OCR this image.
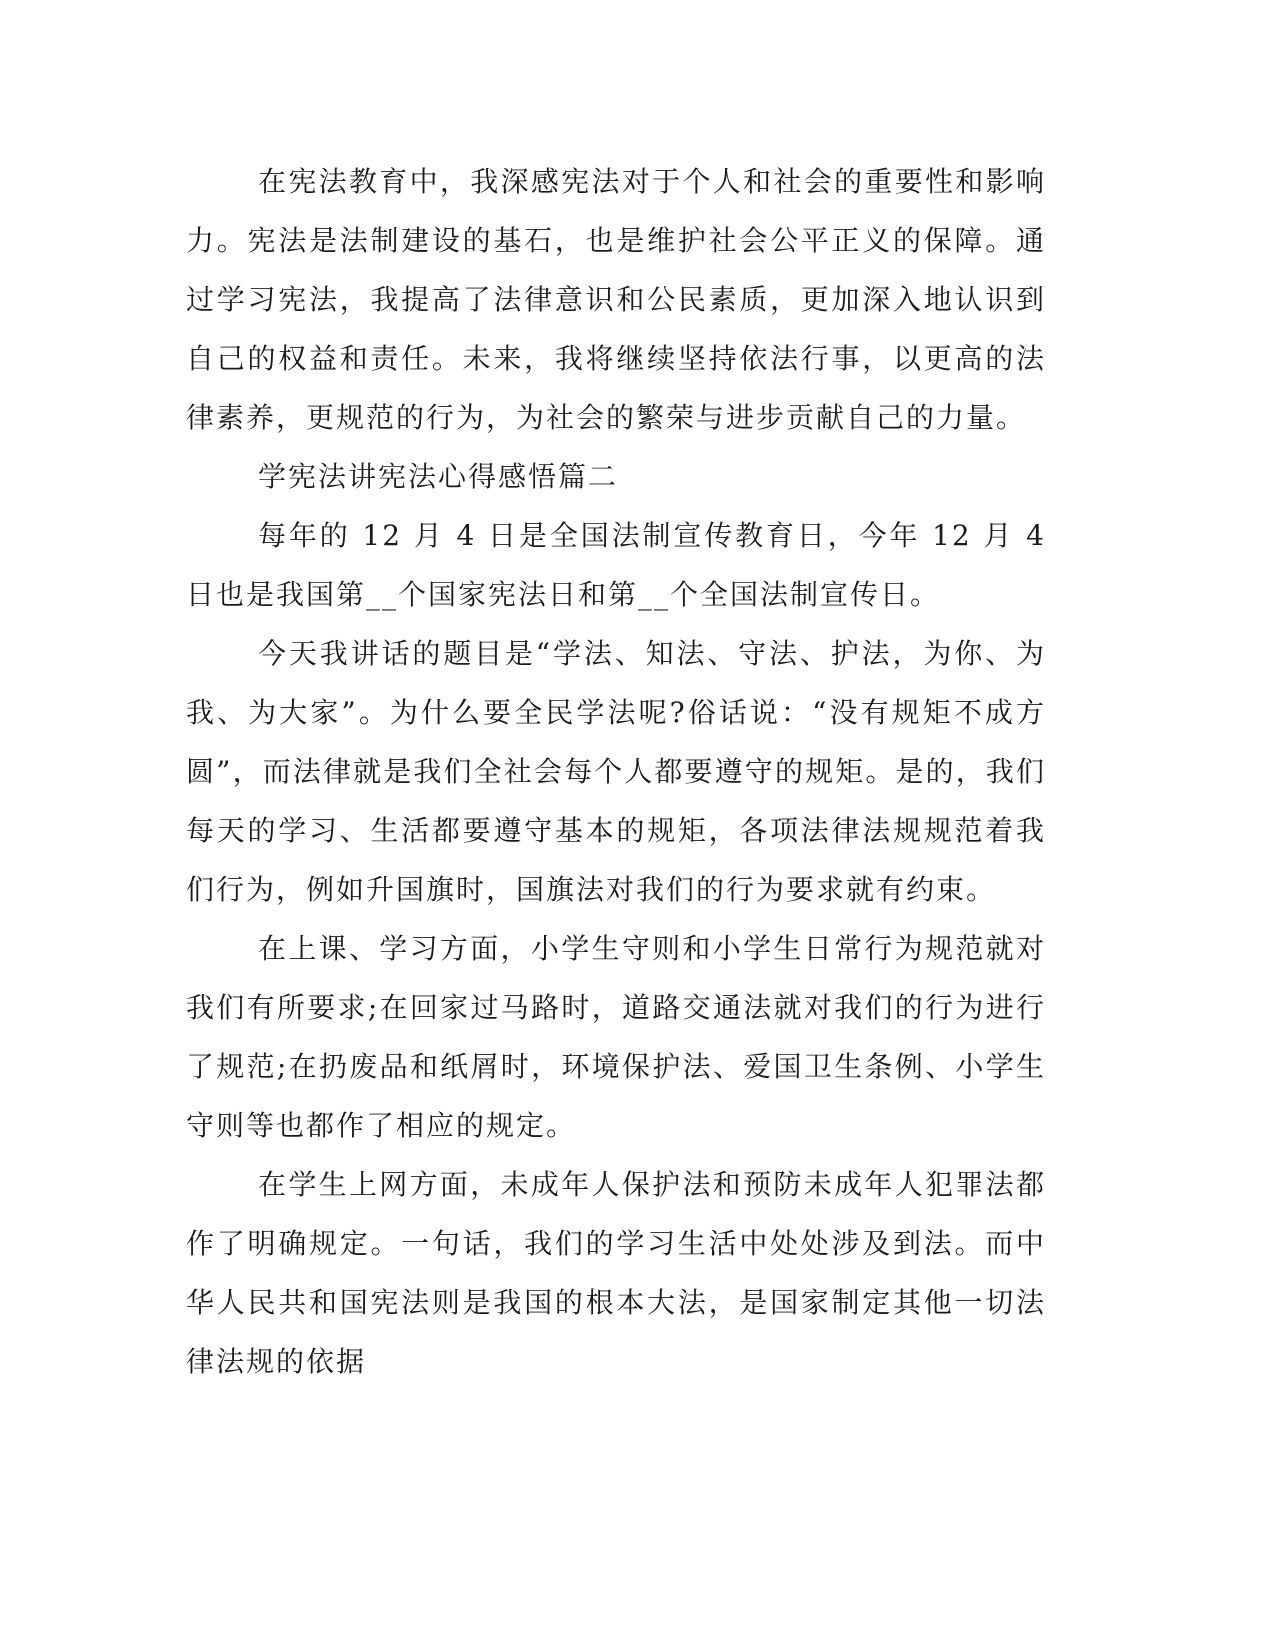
在宪法教育中，我深感宪法对于个人和社会的重要性和影响力。宪法是法制建设的基石，也是维护社会公平正义的保障。通过学习宪法，我提高了法律意识和公民素质，更加深入地认识到自己的权益和责任。未来，我将继续坚持依法行事，以更高的法律素养，更规范的行为，为社会的繁荣与进步贡献自己的力量。

学宪法讲宪法心得感悟篇二

每年的 12 月 4 日是全国法制宣传教育日，今年 12 月 4 日也是我国第__个国家宪法日和第__个全国法制宣传日。

今天我讲话的题目是“学法、知法、守法、护法，为你、为我、为大家”。为什么要全民学法呢?俗话说：“没有规矩不成方圆”，而法律就是我们全社会每个人都要遵守的规矩。是的，我们每天的学习、生活都要遵守基本的规矩，各项法律法规规范着我们行为，例如升国旗时，国旗法对我们的行为要求就有约束。

在上课、学习方面，小学生守则和小学生日常行为规范就对我们有所要求;在回家过马路时，道路交通法就对我们的行为进行了规范;在扔废品和纸屑时，环境保护法、爱国卫生条例、小学生守则等也都作了相应的规定。

在学生上网方面，未成年人保护法和预防未成年人犯罪法都作了明确规定。一句话，我们的学习生活中处处涉及到法。而中华人民共和国宪法则是我国的根本大法，是国家制定其他一切法律法规的依据
